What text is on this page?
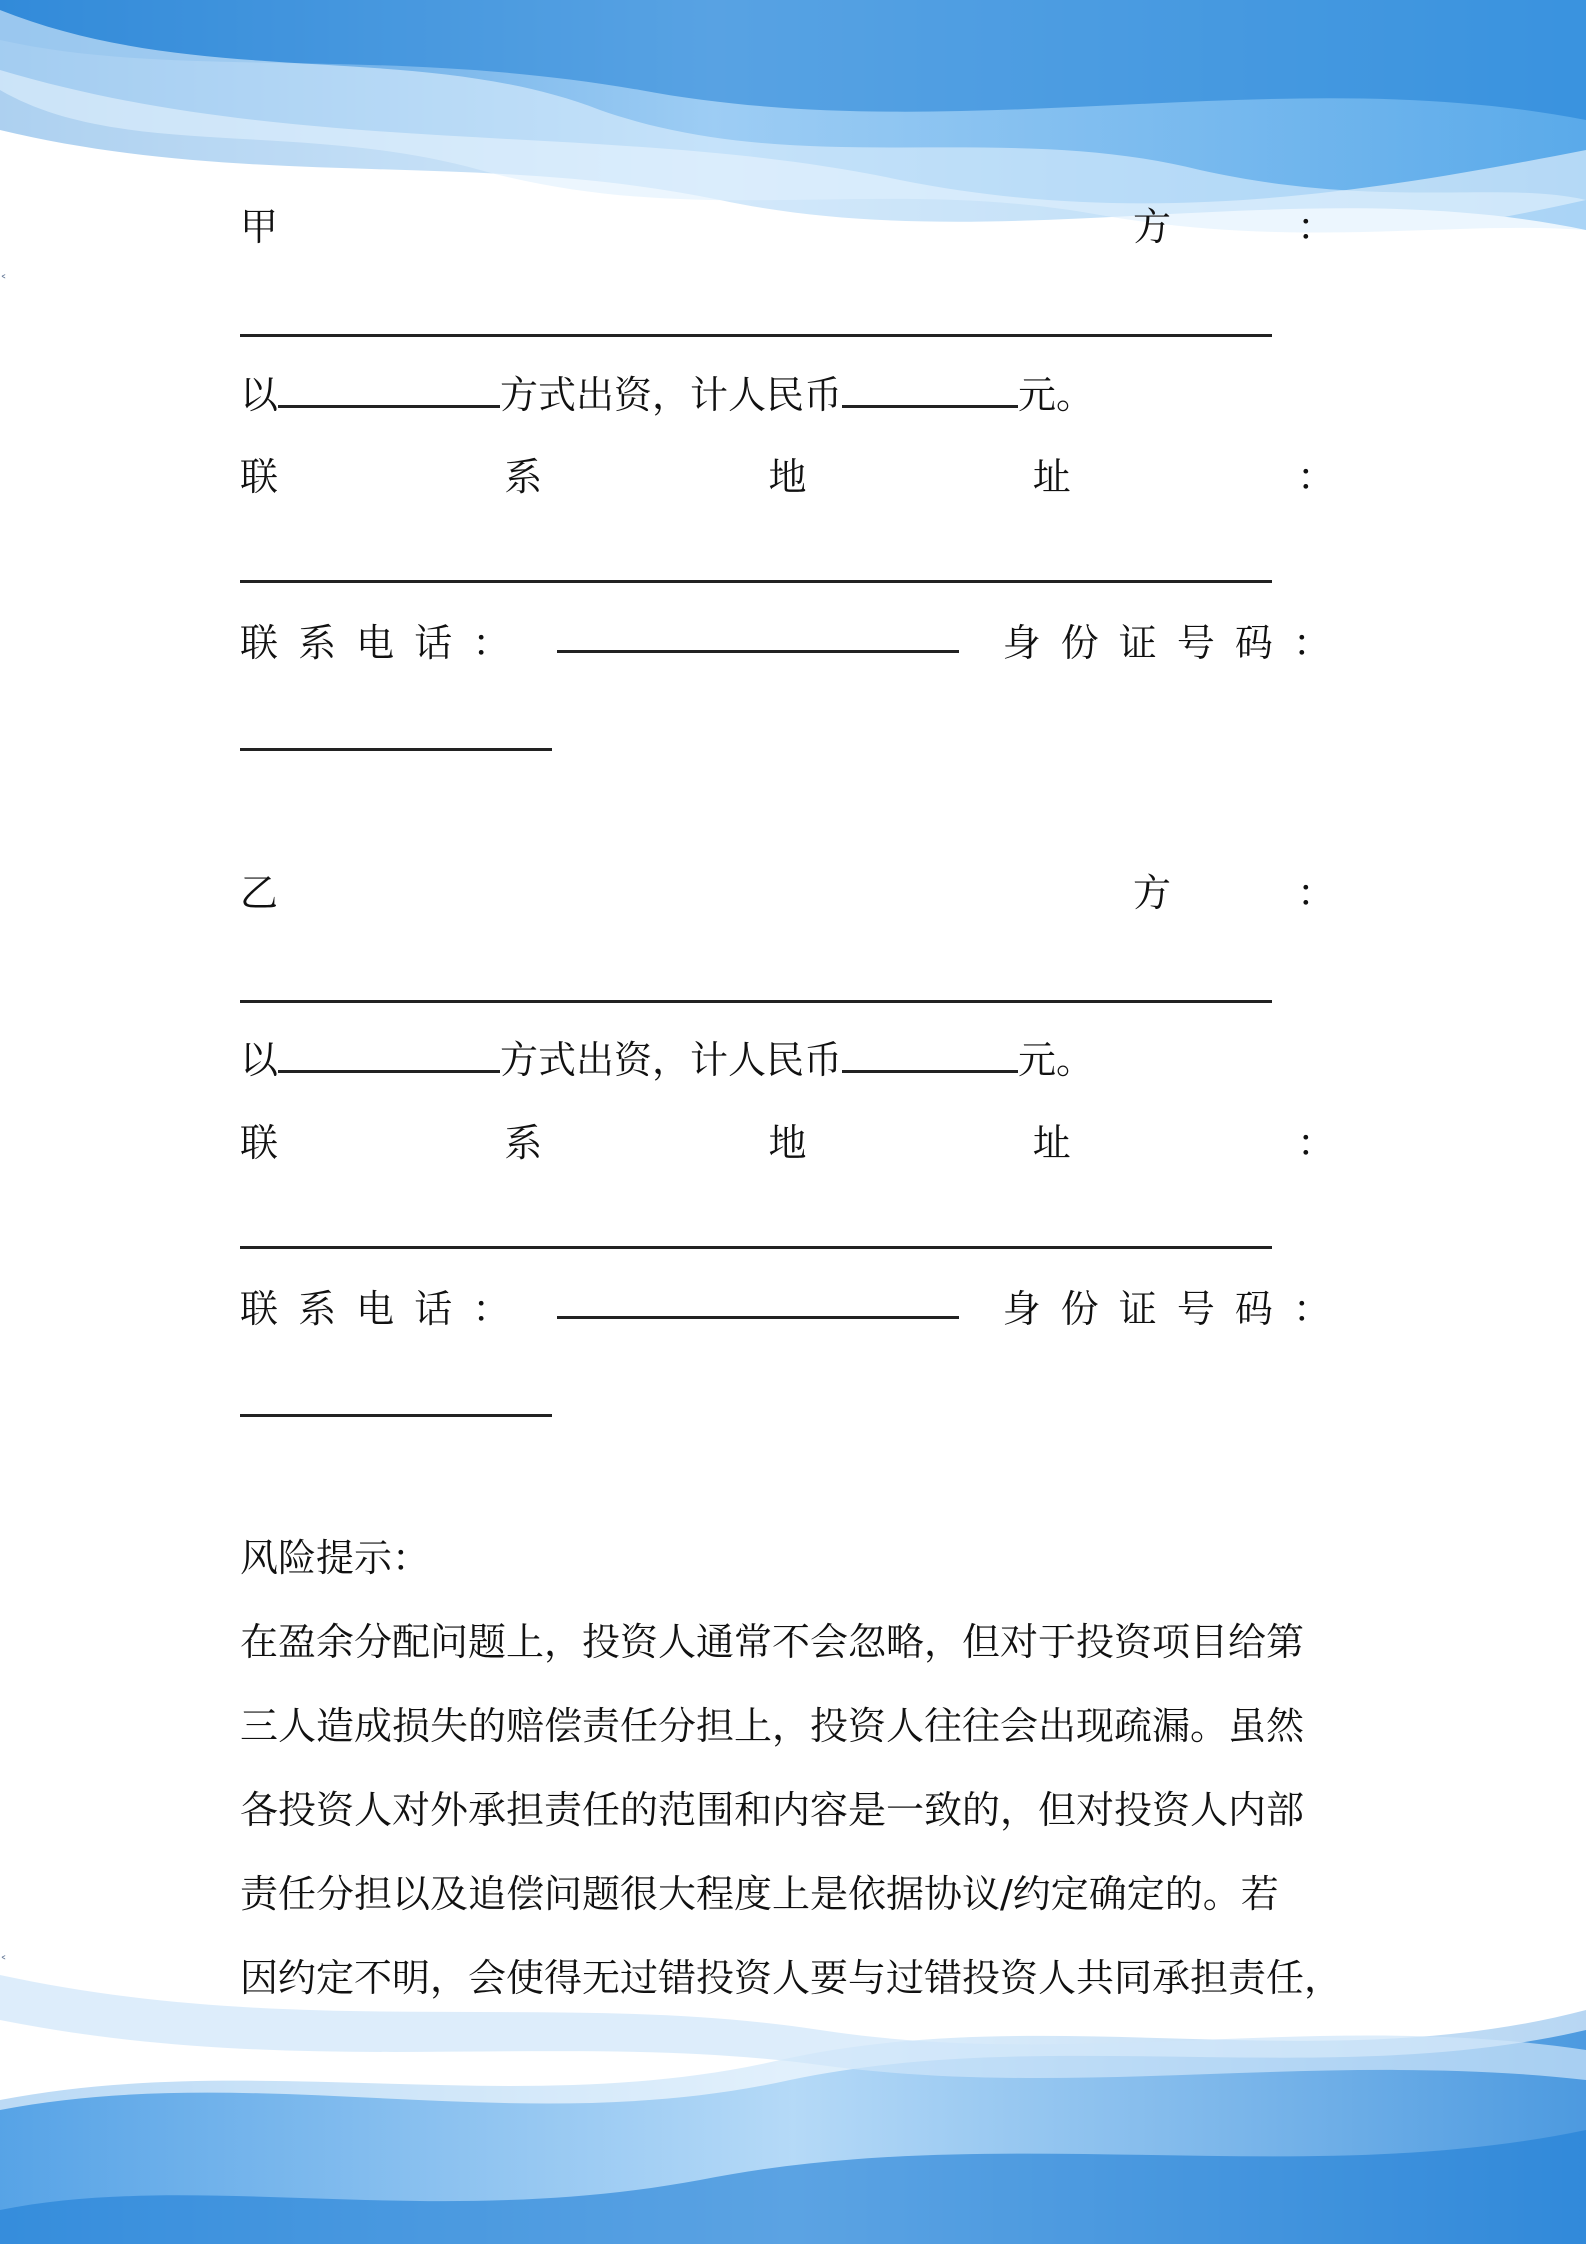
˂
˂
甲	方	：
以	方式出资，计人民币	元。
联	系	地	址	：
联 系 电 话 ：	身 份 证 号 码 ：
乙	方	：
以	方式出资，计人民币	元。
联	系	地	址	：
联 系 电 话 ：	身 份 证 号 码 ：
风险提示：
在盈余分配问题上，投资人通常不会忽略，但对于投资项目给第
三人造成损失的赔偿责任分担上，投资人往往会出现疏漏。虽然
各投资人对外承担责任的范围和内容是一致的，但对投资人内部
责任分担以及追偿问题很大程度上是依据协议/约定确定的。若
因约定不明，会使得无过错投资人要与过错投资人共同承担责任，
